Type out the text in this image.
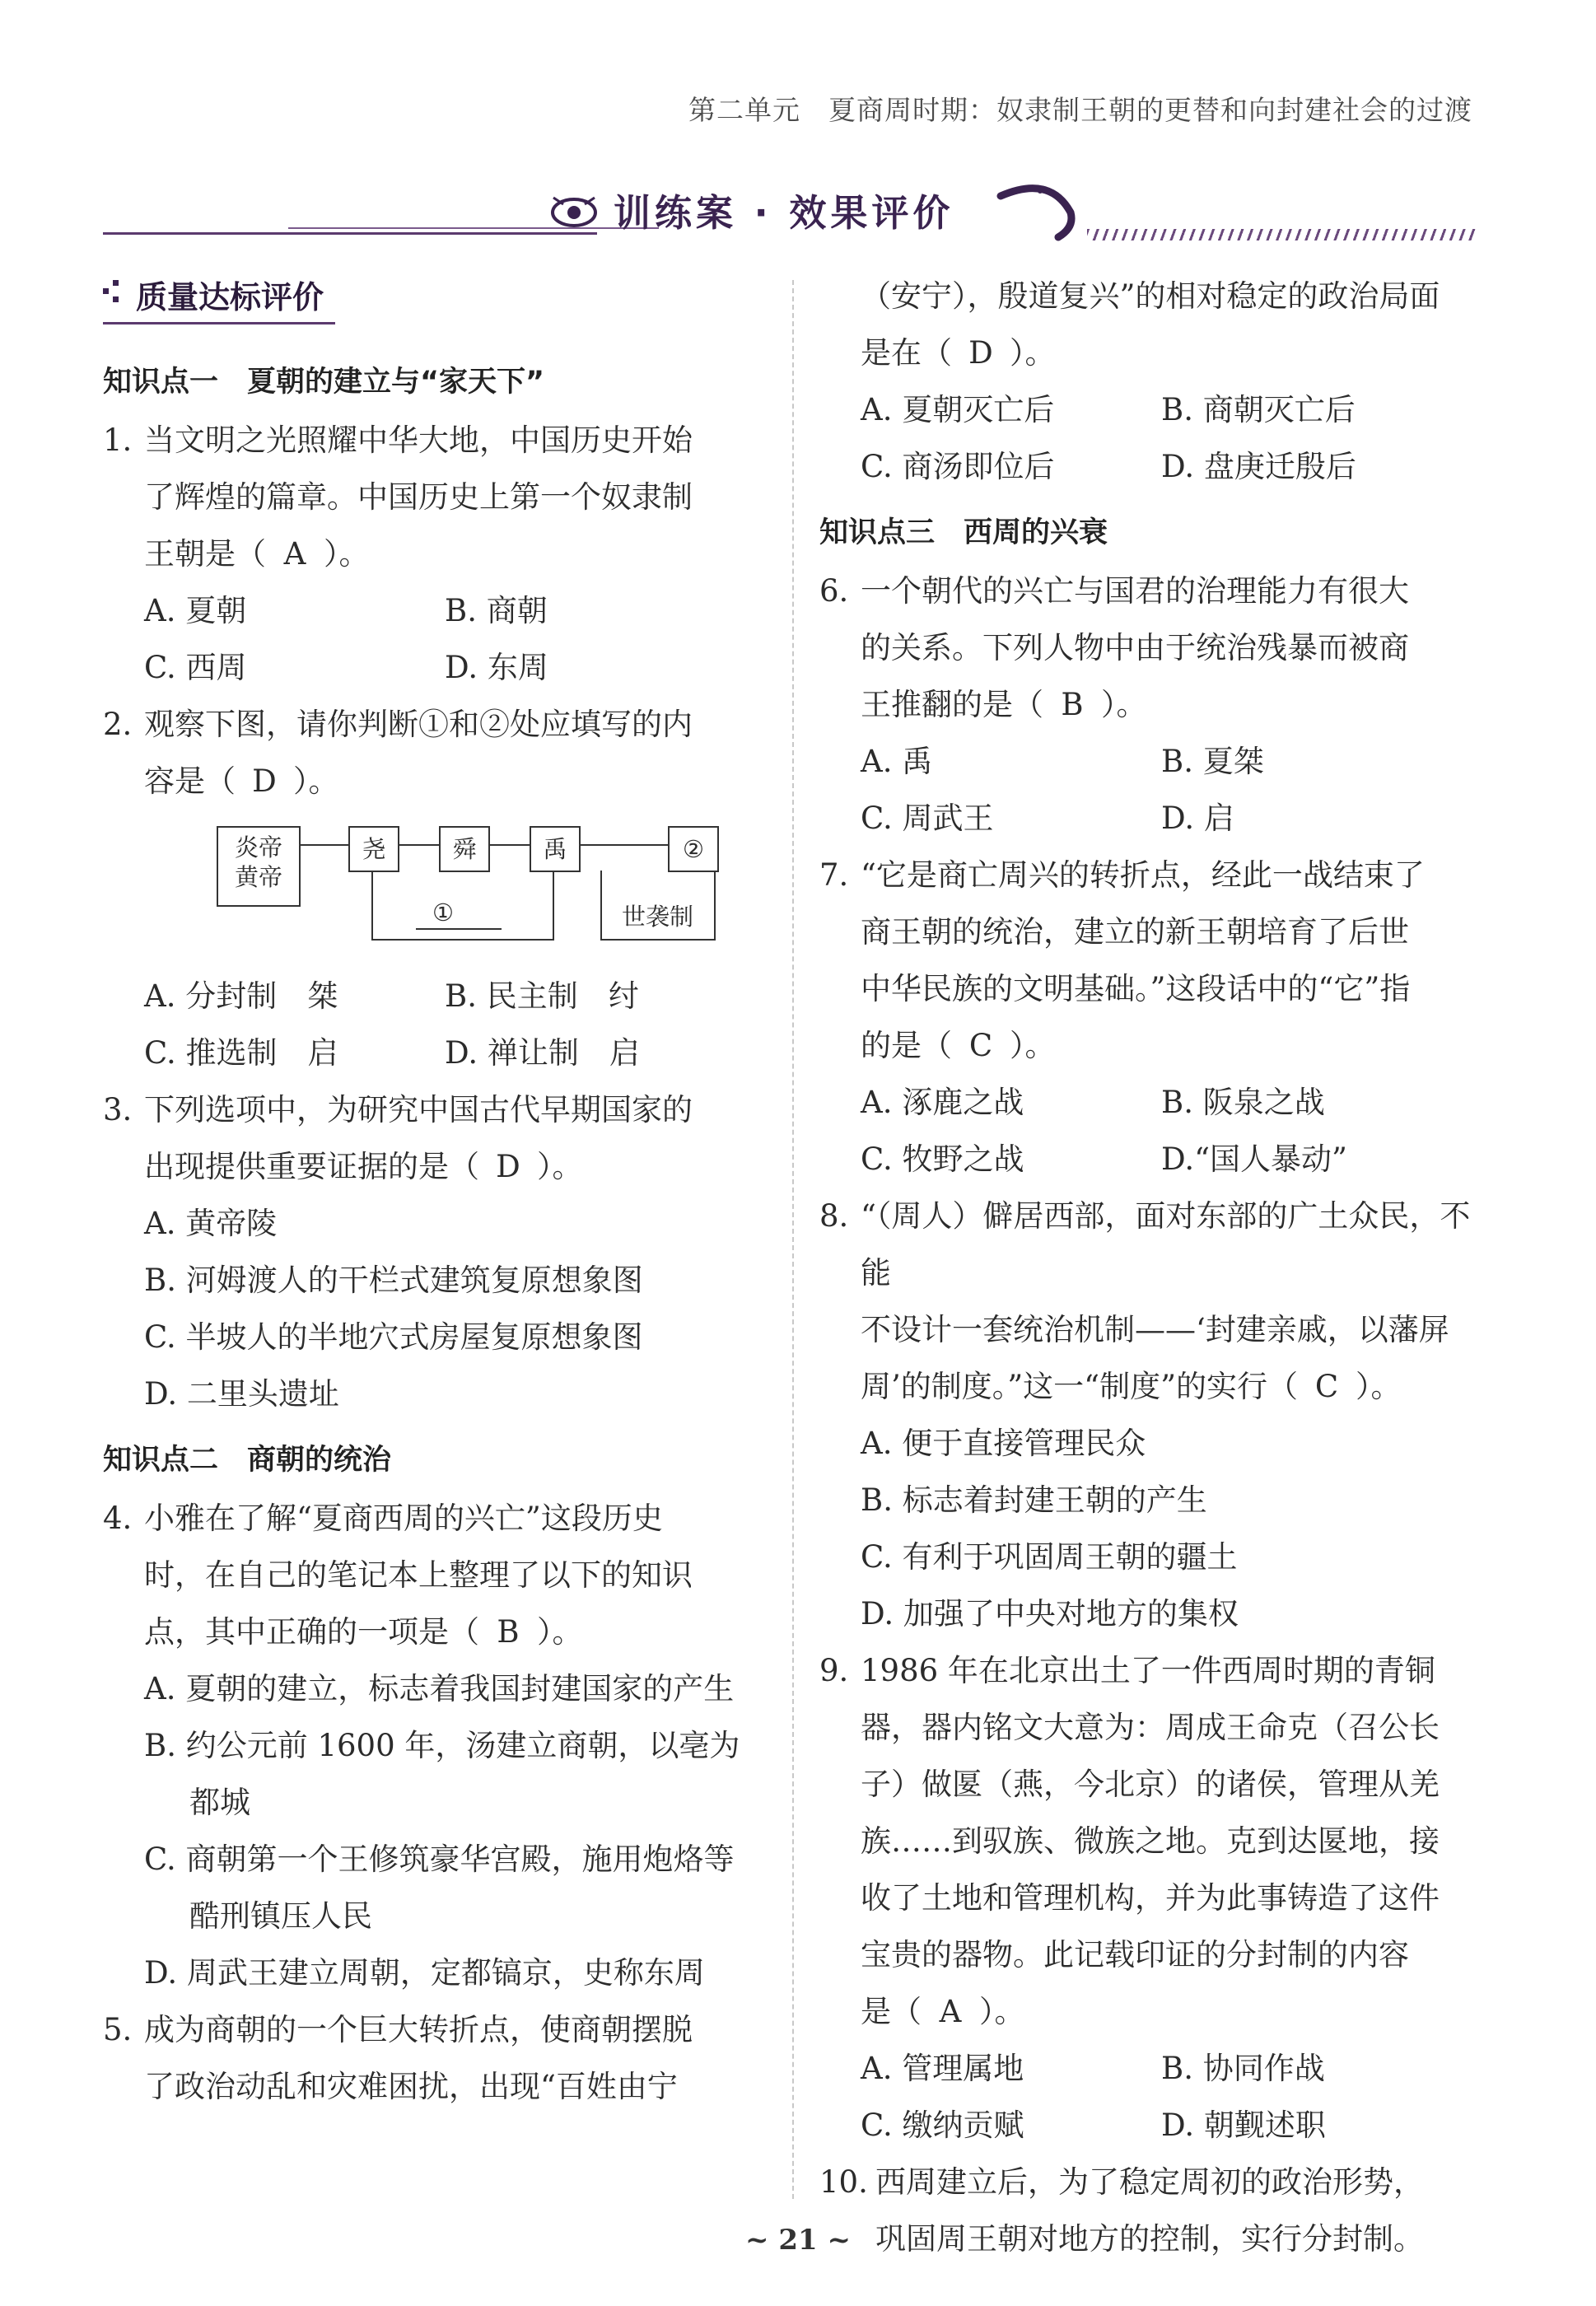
第二单元　夏商周时期：奴隶制王朝的更替和向封建社会的过渡
训练案 · 效果评价
质量达标评价
知识点一　夏朝的建立与“家天下”
1. 当文明之光照耀中华大地，中国历史开始
了辉煌的篇章。中国历史上第一个奴隶制
王朝是（ A ）。
A. 夏朝	B. 商朝
C. 西周	D. 东周
2. 观察下图，请你判断①和②处应填写的内
容是（ D ）。
炎帝
黄帝
尧	舜	禹	②
①	世袭制
A. 分封制　桀	B. 民主制　纣
C. 推选制　启	D. 禅让制　启
3. 下列选项中，为研究中国古代早期国家的
出现提供重要证据的是（ D ）。
A. 黄帝陵
B. 河姆渡人的干栏式建筑复原想象图
C. 半坡人的半地穴式房屋复原想象图
D. 二里头遗址
知识点二　商朝的统治
4. 小雅在了解“夏商西周的兴亡”这段历史
时，在自己的笔记本上整理了以下的知识
点，其中正确的一项是（ B ）。
A. 夏朝的建立，标志着我国封建国家的产生
B. 约公元前 1600 年，汤建立商朝，以亳为都城
C. 商朝第一个王修筑豪华宫殿，施用炮烙等酷刑镇压人民
D. 周武王建立周朝，定都镐京，史称东周
5. 成为商朝的一个巨大转折点，使商朝摆脱
了政治动乱和灾难困扰，出现“百姓由宁
（安宁），殷道复兴”的相对稳定的政治局面
是在（ D ）。
A. 夏朝灭亡后	B. 商朝灭亡后
C. 商汤即位后	D. 盘庚迁殷后
知识点三　西周的兴衰
6. 一个朝代的兴亡与国君的治理能力有很大
的关系。下列人物中由于统治残暴而被商
王推翻的是（ B ）。
A. 禹	B. 夏桀
C. 周武王	D. 启
7. “它是商亡周兴的转折点，经此一战结束了
商王朝的统治，建立的新王朝培育了后世
中华民族的文明基础。”这段话中的“它”指
的是（ C ）。
A. 涿鹿之战	B. 阪泉之战
C. 牧野之战	D.“国人暴动”
8. “（周人）僻居西部，面对东部的广土众民，不能
不设计一套统治机制——‘封建亲戚，以藩屏
周’的制度。”这一“制度”的实行（ C ）。
A. 便于直接管理民众
B. 标志着封建王朝的产生
C. 有利于巩固周王朝的疆土
D. 加强了中央对地方的集权
9. 1986 年在北京出土了一件西周时期的青铜
器，器内铭文大意为：周成王命克（召公长
子）做匽（燕，今北京）的诸侯，管理从羌
族……到驭族、微族之地。克到达匽地，接
收了土地和管理机构，并为此事铸造了这件
宝贵的器物。此记载印证的分封制的内容
是（ A ）。
A. 管理属地	B. 协同作战
C. 缴纳贡赋	D. 朝觐述职
10. 西周建立后，为了稳定周初的政治形势，
巩固周王朝对地方的控制，实行分封制。
~ 21 ~
